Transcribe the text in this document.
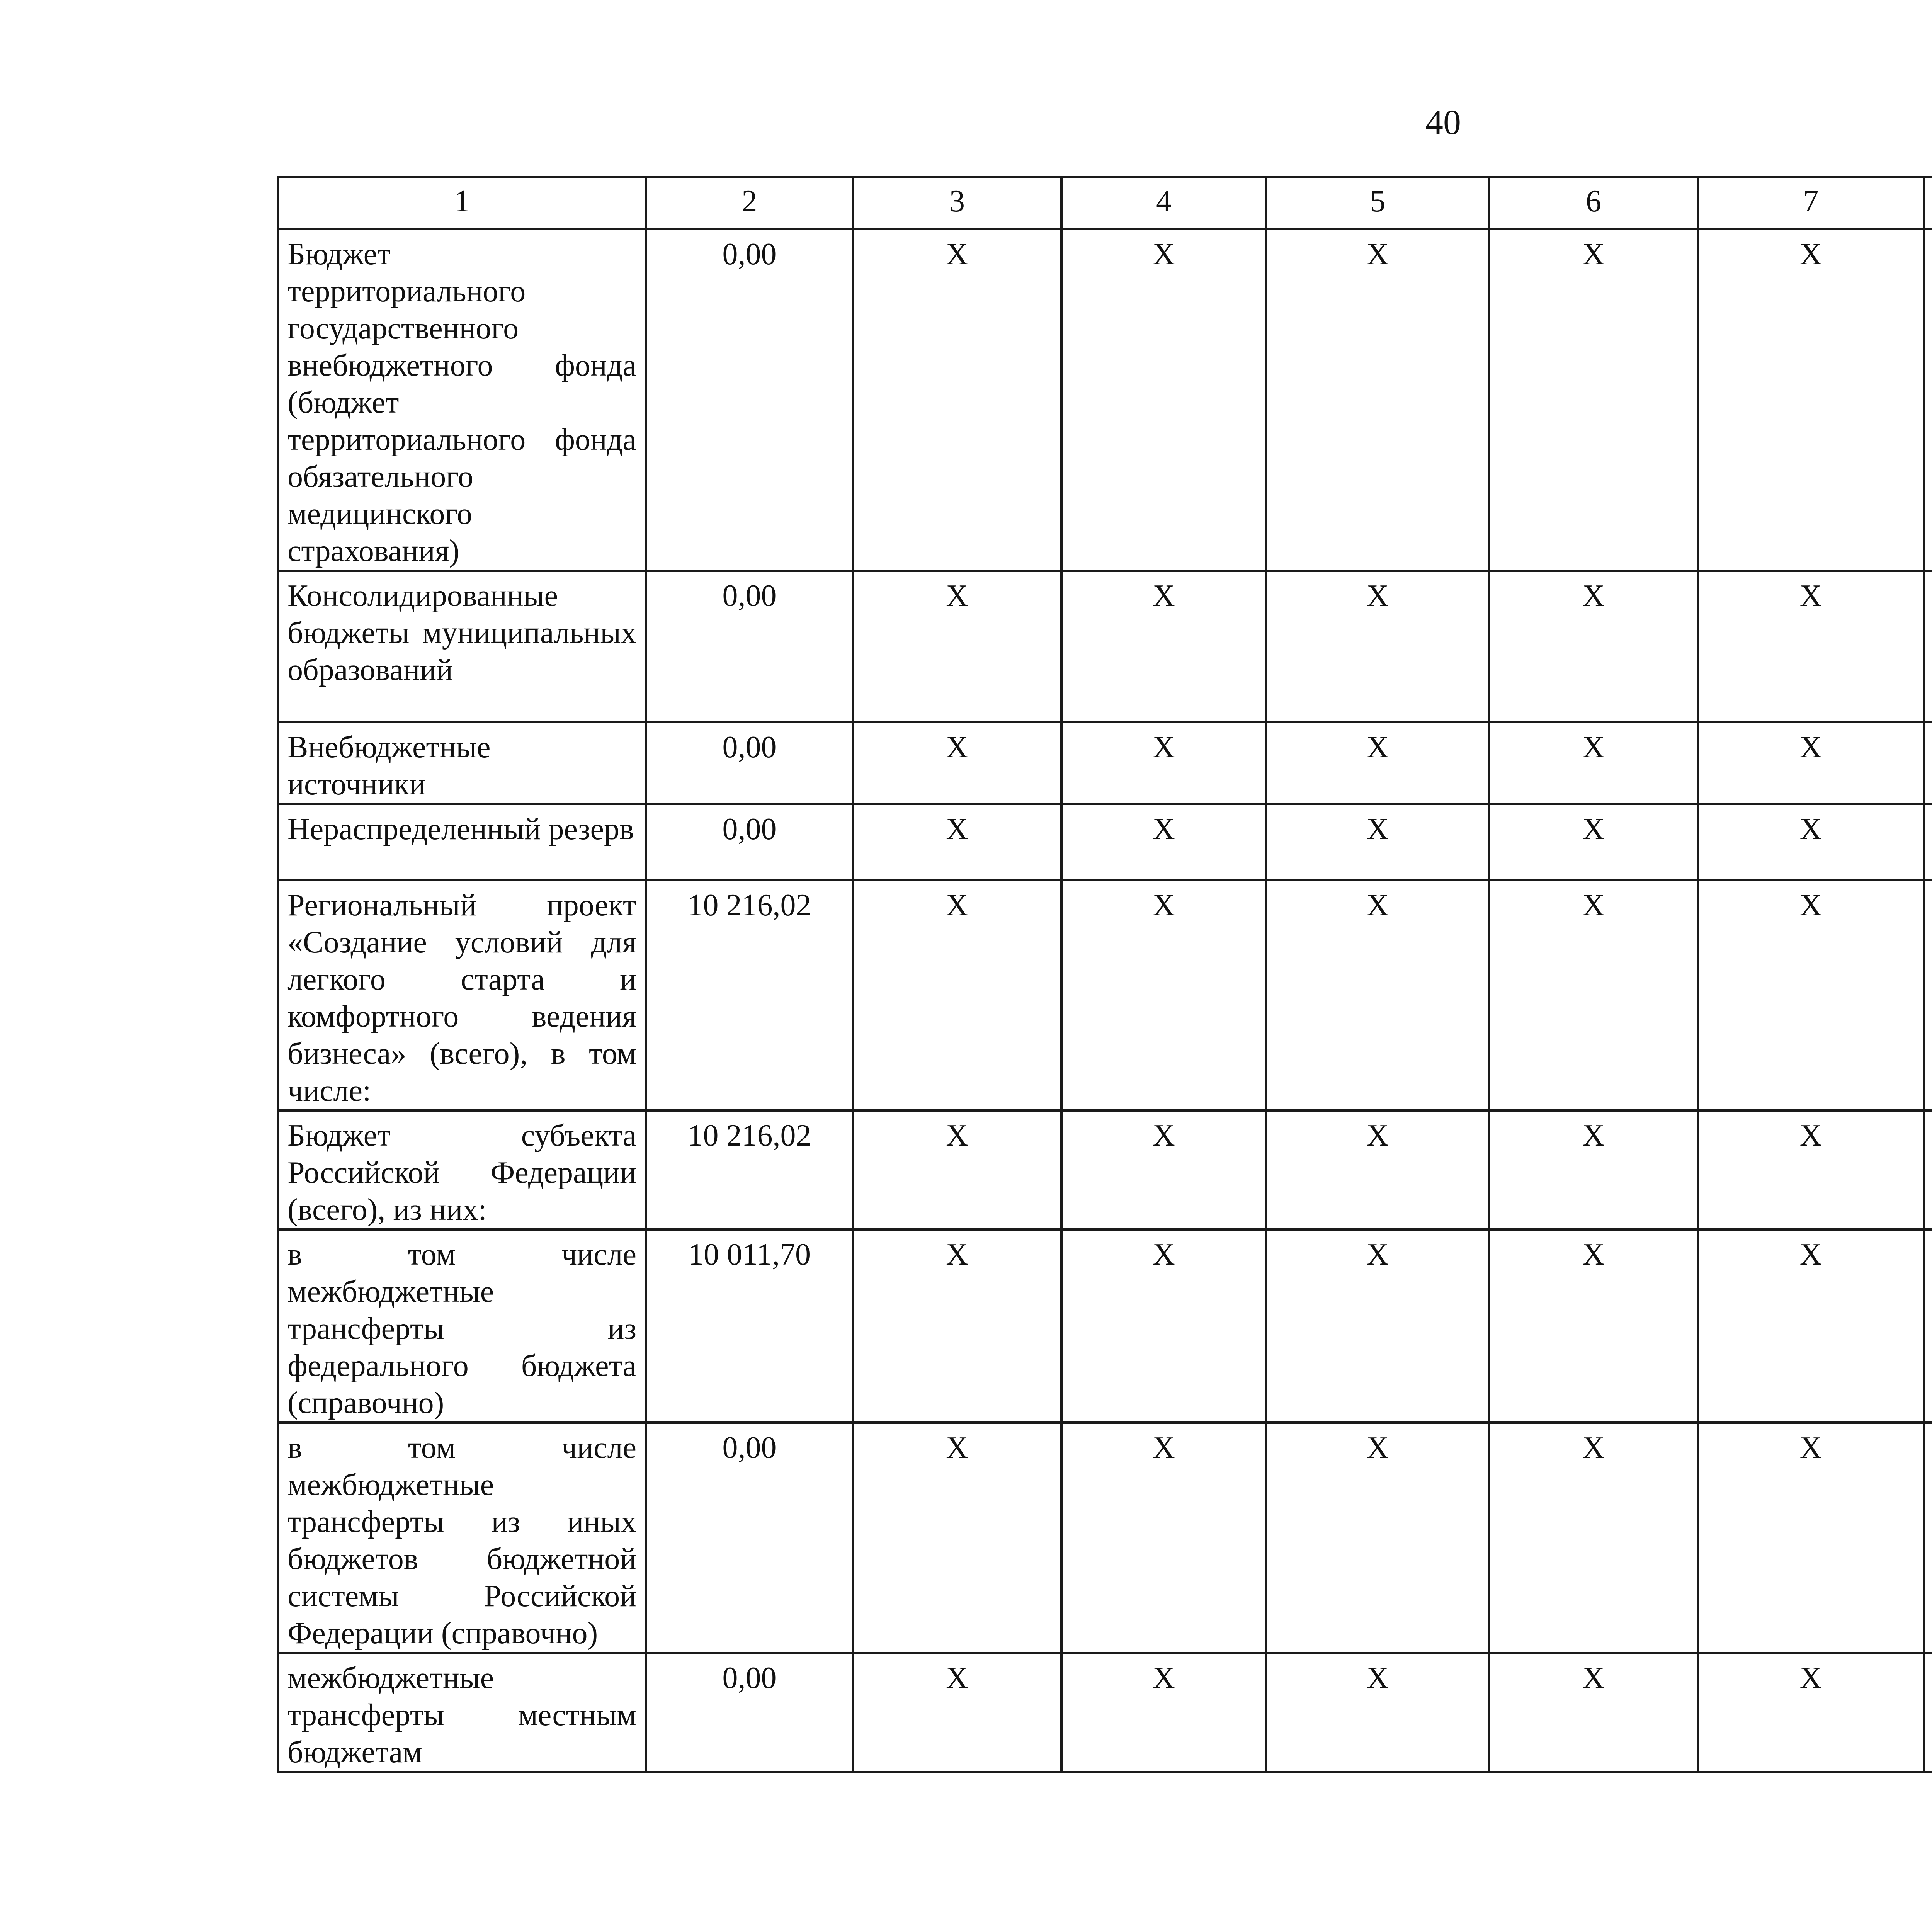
40
1	2	3	4	5	6	7		
Бюджет территориального государственного внебюджетного фонда (бюджет территориального фонда обязательного медицинского страхования)	0,00	Х	Х	Х	Х	Х		
Консолидированные бюджеты муниципальных образований	0,00	Х	Х	Х	Х	Х		
Внебюджетные источники	0,00	Х	Х	Х	Х	Х		
Нераспределенный резерв	0,00	Х	Х	Х	Х	Х		
Региональный проект «Создание условий для легкого старта и комфортного ведения бизнеса» (всего), в том числе:	10 216,02	Х	Х	Х	Х	Х		
Бюджет субъекта Российской Федерации (всего), из них:	10 216,02	Х	Х	Х	Х	Х		
в том числе межбюджетные трансферты из федерального бюджета (справочно)	10 011,70	Х	Х	Х	Х	Х		
в том числе межбюджетные трансферты из иных бюджетов бюджетной системы Российской Федерации (справочно)	0,00	Х	Х	Х	Х	Х		
межбюджетные трансферты местным бюджетам	0,00	Х	Х	Х	Х	Х		
